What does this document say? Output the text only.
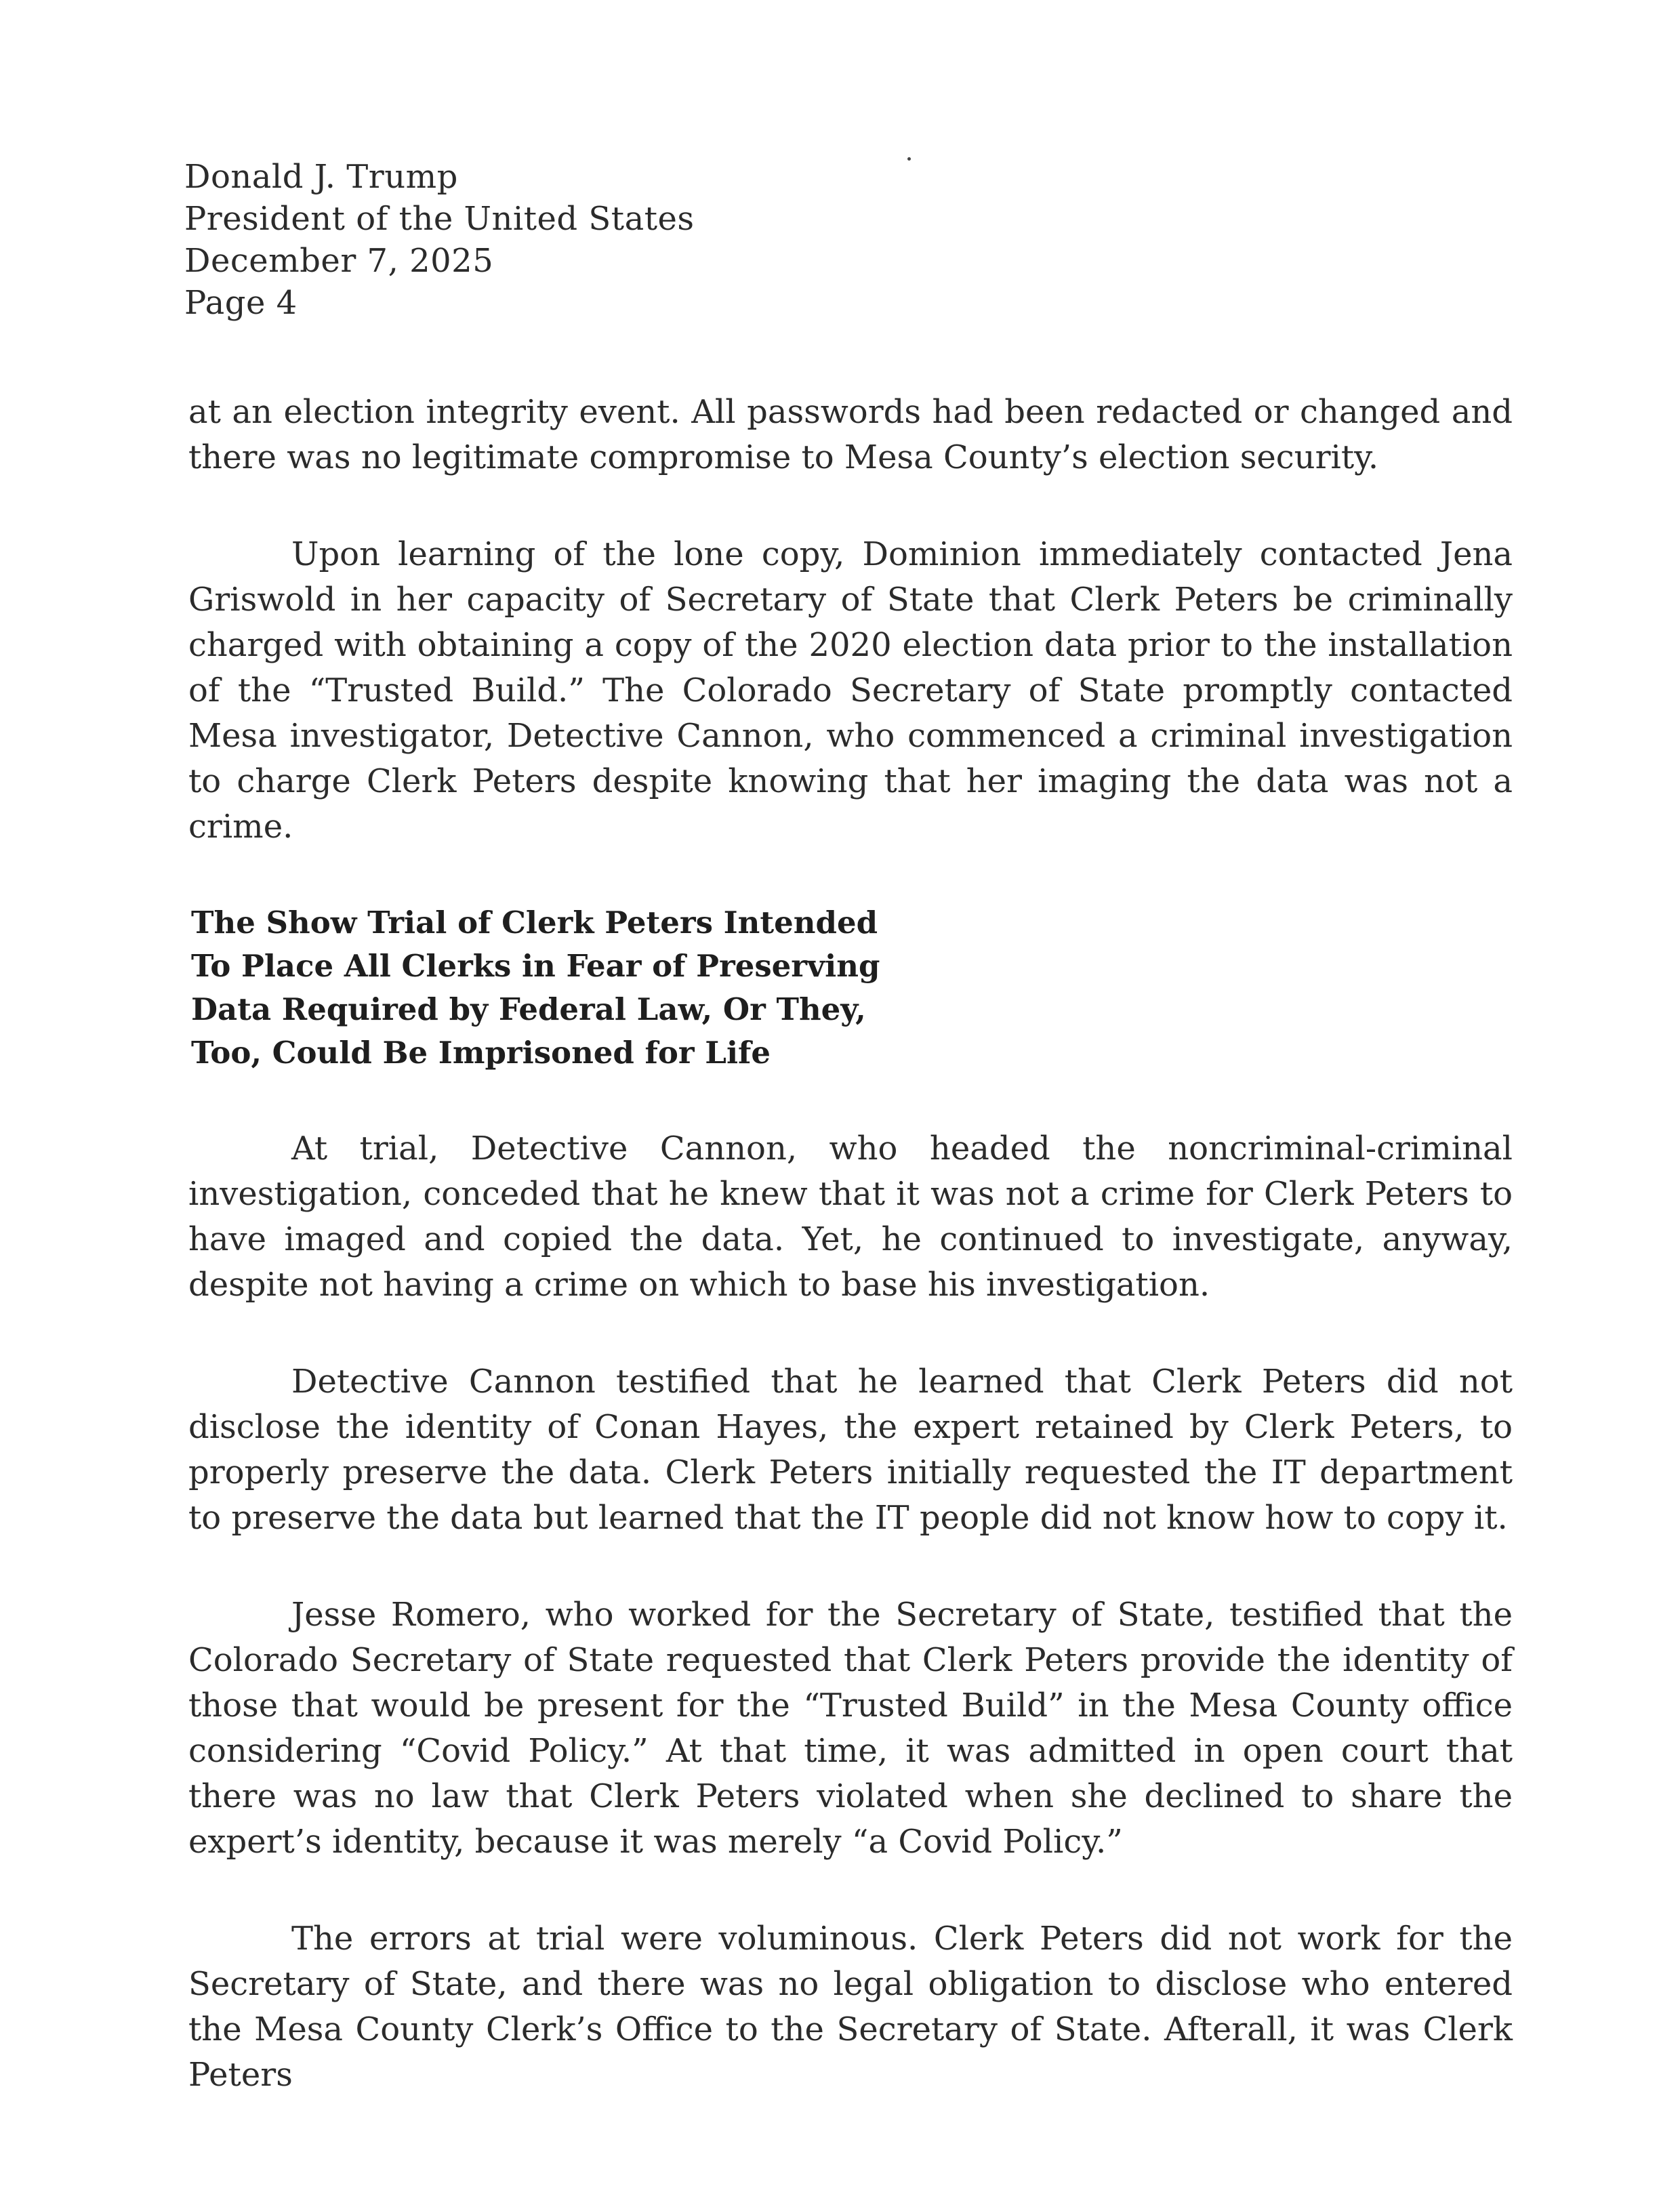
Donald J. Trump
President of the United States
December 7, 2025
Page 4

at an election integrity event. All passwords had been redacted or changed and there was no legitimate compromise to Mesa County’s election security.

Upon learning of the lone copy, Dominion immediately contacted Jena Griswold in her capacity of Secretary of State that Clerk Peters be criminally charged with obtaining a copy of the 2020 election data prior to the installation of the “Trusted Build.” The Colorado Secretary of State promptly contacted Mesa investigator, Detective Cannon, who commenced a criminal investigation to charge Clerk Peters despite knowing that her imaging the data was not a crime.

The Show Trial of Clerk Peters Intended
To Place All Clerks in Fear of Preserving
Data Required by Federal Law, Or They,
Too, Could Be Imprisoned for Life

At trial, Detective Cannon, who headed the noncriminal-criminal investigation, conceded that he knew that it was not a crime for Clerk Peters to have imaged and copied the data. Yet, he continued to investigate, anyway, despite not having a crime on which to base his investigation.

Detective Cannon testified that he learned that Clerk Peters did not disclose the identity of Conan Hayes, the expert retained by Clerk Peters, to properly preserve the data. Clerk Peters initially requested the IT department to preserve the data but learned that the IT people did not know how to copy it.

Jesse Romero, who worked for the Secretary of State, testified that the Colorado Secretary of State requested that Clerk Peters provide the identity of those that would be present for the “Trusted Build” in the Mesa County office considering “Covid Policy.” At that time, it was admitted in open court that there was no law that Clerk Peters violated when she declined to share the expert’s identity, because it was merely “a Covid Policy.”

The errors at trial were voluminous. Clerk Peters did not work for the Secretary of State, and there was no legal obligation to disclose who entered the Mesa County Clerk’s Office to the Secretary of State. Afterall, it was Clerk Peters
